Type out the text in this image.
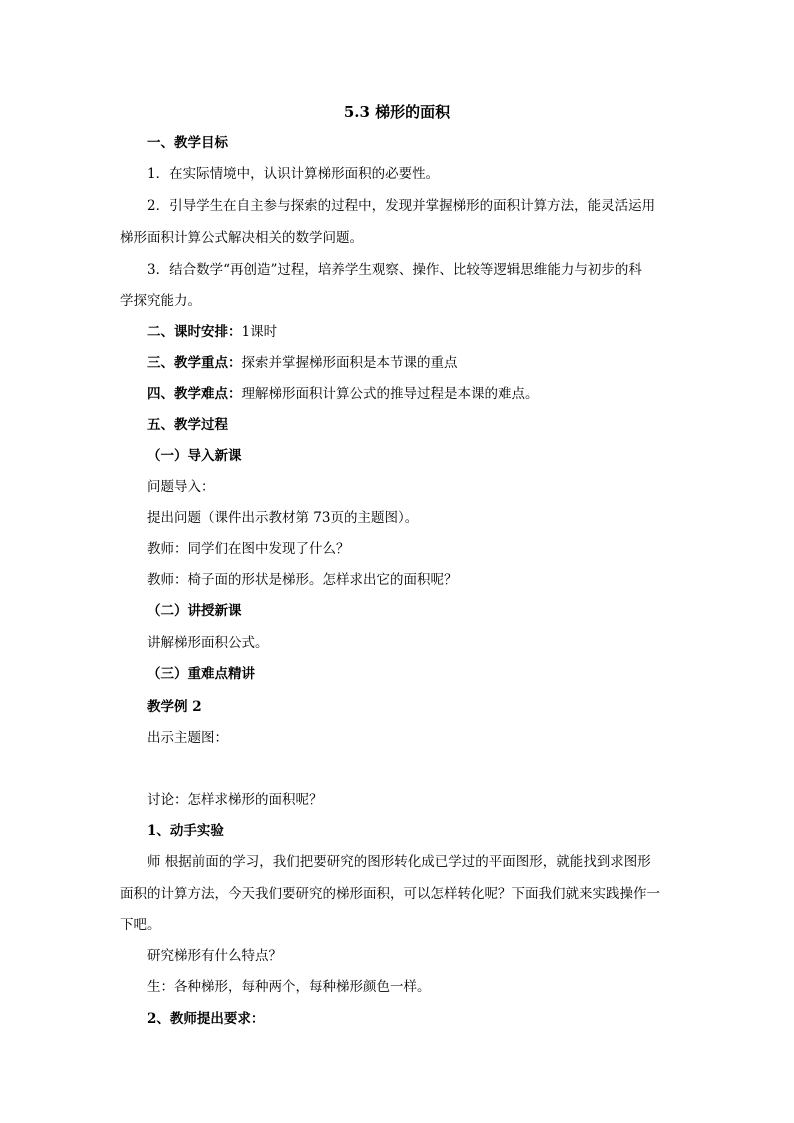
5.3 梯形的面积
一、教学目标
1．在实际情境中，认识计算梯形面积的必要性。
2．引导学生在自主参与探索的过程中，发现并掌握梯形的面积计算方法，能灵活运用
梯形面积计算公式解决相关的数学问题。
3．结合数学“再创造”过程，培养学生观察、操作、比较等逻辑思维能力与初步的科
学探究能力。
二、课时安排：1课时
三、教学重点：探索并掌握梯形面积是本节课的重点
四、教学难点：理解梯形面积计算公式的推导过程是本课的难点。
五、教学过程
（一）导入新课
问题导入：
提出问题（课件出示教材第 73页的主题图）。
教师：同学们在图中发现了什么？
教师：椅子面的形状是梯形。怎样求出它的面积呢？
（二）讲授新课
讲解梯形面积公式。
（三）重难点精讲
教学例 2
出示主题图：
讨论：怎样求梯形的面积呢？
1、动手实验
师 根据前面的学习，我们把要研究的图形转化成已学过的平面图形，就能找到求图形
面积的计算方法，今天我们要研究的梯形面积，可以怎样转化呢？下面我们就来实践操作一
下吧。
研究梯形有什么特点？
生：各种梯形，每种两个，每种梯形颜色一样。
2、教师提出要求：
